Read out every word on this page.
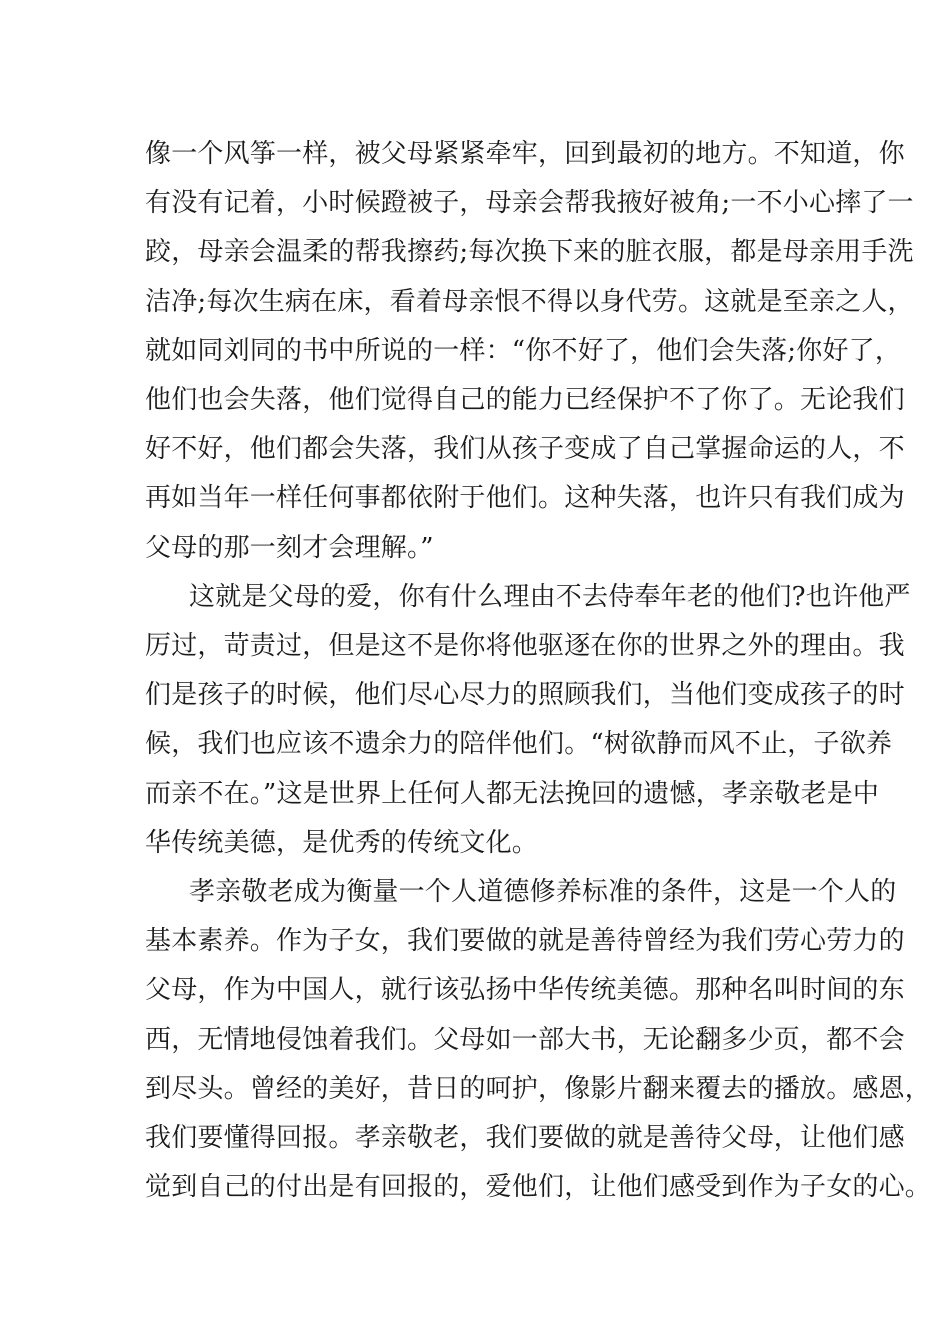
像一个风筝一样，被父母紧紧牵牢，回到最初的地方。不知道，你
有没有记着，小时候蹬被子，母亲会帮我掖好被角;一不小心摔了一
跤，母亲会温柔的帮我擦药;每次换下来的脏衣服，都是母亲用手洗
洁净;每次生病在床，看着母亲恨不得以身代劳。这就是至亲之人，
就如同刘同的书中所说的一样：“你不好了，他们会失落;你好了，
他们也会失落，他们觉得自己的能力已经保护不了你了。无论我们
好不好，他们都会失落，我们从孩子变成了自己掌握命运的人，不
再如当年一样任何事都依附于他们。这种失落，也许只有我们成为
父母的那一刻才会理解。”
这就是父母的爱，你有什么理由不去侍奉年老的他们?也许他严
厉过，苛责过，但是这不是你将他驱逐在你的世界之外的理由。我
们是孩子的时候，他们尽心尽力的照顾我们，当他们变成孩子的时
候，我们也应该不遗余力的陪伴他们。“树欲静而风不止，子欲养
而亲不在。”这是世界上任何人都无法挽回的遗憾，孝亲敬老是中
华传统美德，是优秀的传统文化。
孝亲敬老成为衡量一个人道德修养标准的条件，这是一个人的
基本素养。作为子女，我们要做的就是善待曾经为我们劳心劳力的
父母，作为中国人，就行该弘扬中华传统美德。那种名叫时间的东
西，无情地侵蚀着我们。父母如一部大书，无论翻多少页，都不会
到尽头。曾经的美好，昔日的呵护，像影片翻来覆去的播放。感恩，
我们要懂得回报。孝亲敬老，我们要做的就是善待父母，让他们感
觉到自己的付出是有回报的，爱他们，让他们感受到作为子女的心。
